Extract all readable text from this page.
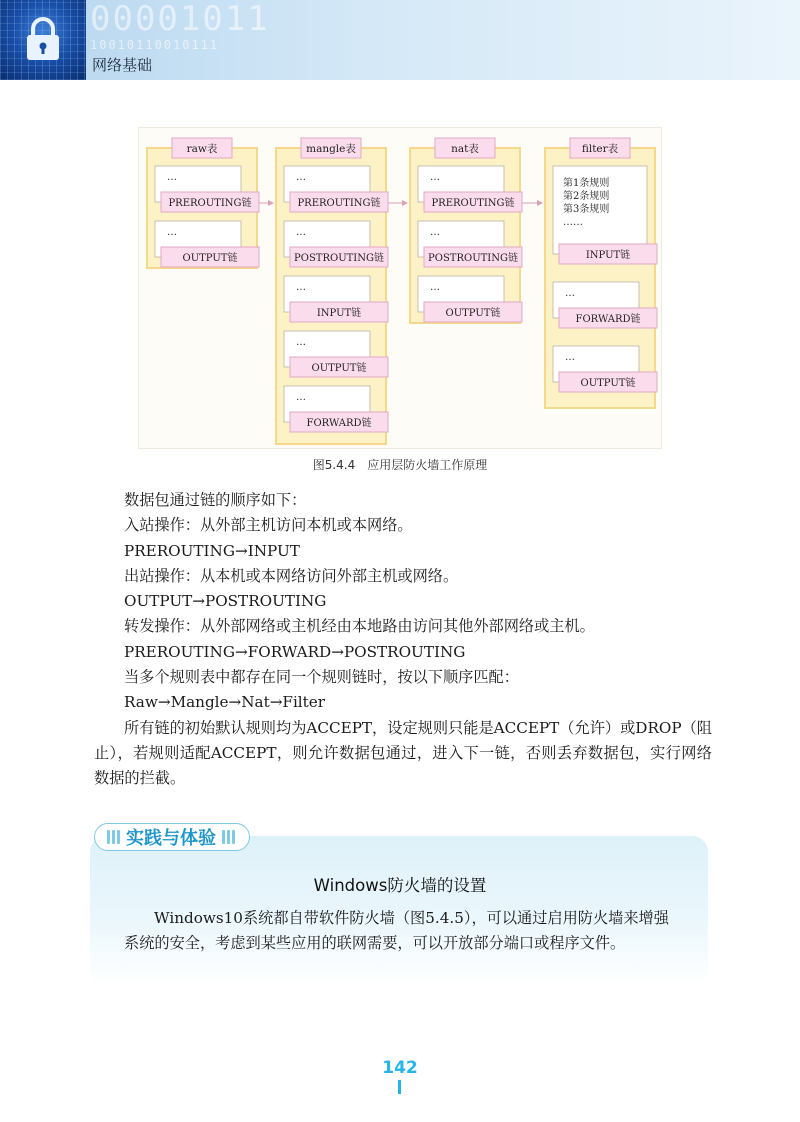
00001011
10010110010111
网络基础
raw表
…
PREROUTING链
…
OUTPUT链
mangle表
…
PREROUTING链
…
POSTROUTING链
…
INPUT链
…
OUTPUT链
…
FORWARD链
nat表
…
PREROUTING链
…
POSTROUTING链
…
OUTPUT链
filter表
第1条规则
第2条规则
第3条规则
……
INPUT链
…
FORWARD链
…
OUTPUT链
图5.4.4　应用层防火墙工作原理

数据包通过链的顺序如下：

入站操作：从外部主机访问本机或本网络。

PREROUTING→INPUT

出站操作：从本机或本网络访问外部主机或网络。

OUTPUT→POSTROUTING

转发操作：从外部网络或主机经由本地路由访问其他外部网络或主机。

PREROUTING→FORWARD→POSTROUTING

当多个规则表中都存在同一个规则链时，按以下顺序匹配：

Raw→Mangle→Nat→Filter

所有链的初始默认规则均为ACCEPT，设定规则只能是ACCEPT（允许）或DROP（阻止），若规则适配ACCEPT，则允许数据包通过，进入下一链，否则丢弃数据包，实行网络数据的拦截。

实践与体验
Windows防火墙的设置

Windows10系统都自带软件防火墙（图5.4.5），可以通过启用防火墙来增强系统的安全，考虑到某些应用的联网需要，可以开放部分端口或程序文件。

142
